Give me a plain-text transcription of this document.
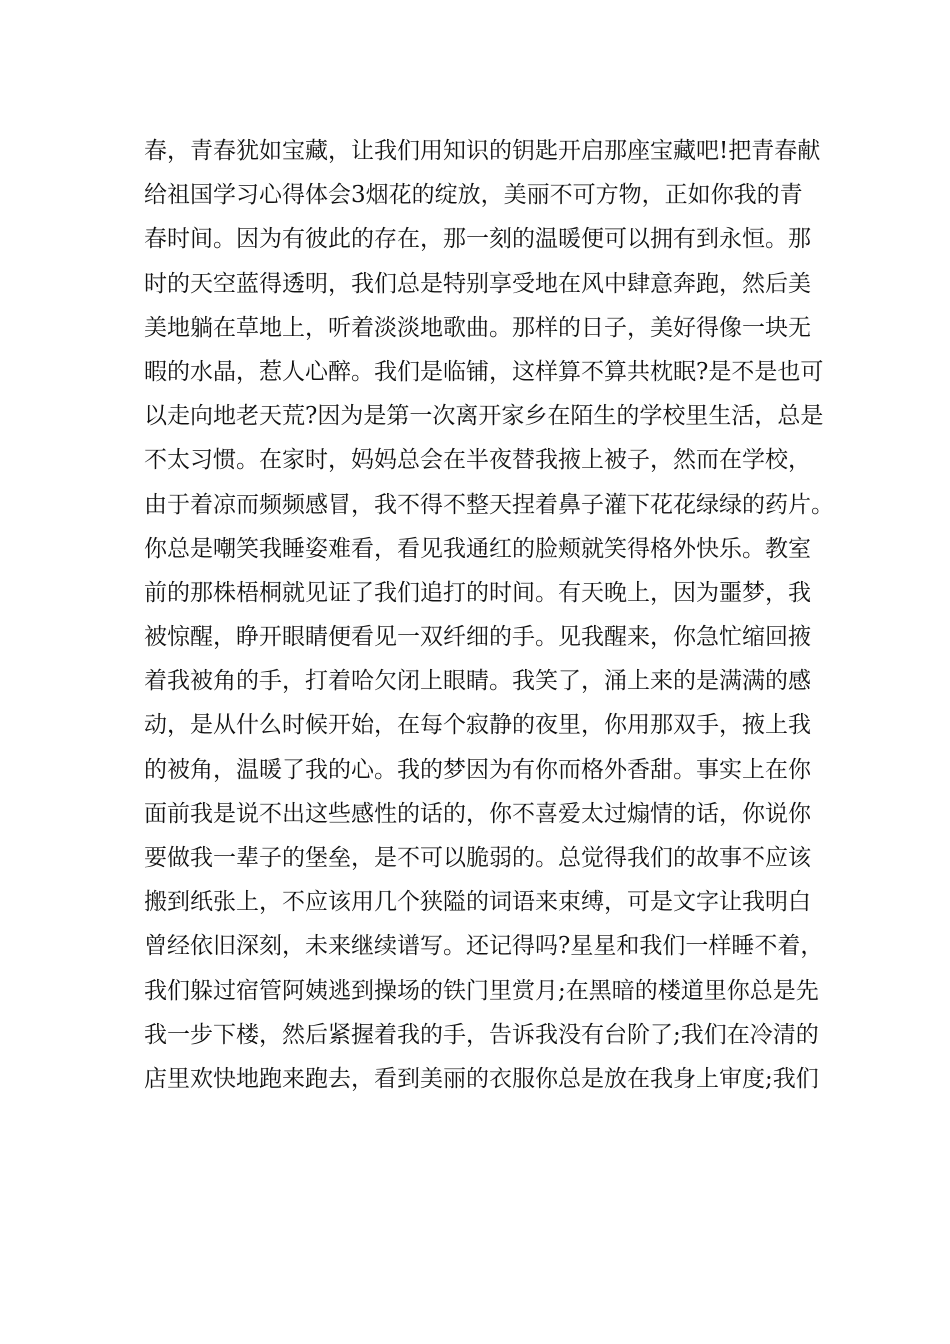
春，青春犹如宝藏，让我们用知识的钥匙开启那座宝藏吧!把青春献
给祖国学习心得体会3烟花的绽放，美丽不可方物，正如你我的青
春时间。因为有彼此的存在，那一刻的温暖便可以拥有到永恒。那
时的天空蓝得透明，我们总是特别享受地在风中肆意奔跑，然后美
美地躺在草地上，听着淡淡地歌曲。那样的日子，美好得像一块无
暇的水晶，惹人心醉。我们是临铺，这样算不算共枕眠?是不是也可
以走向地老天荒?因为是第一次离开家乡在陌生的学校里生活，总是
不太习惯。在家时，妈妈总会在半夜替我掖上被子，然而在学校，
由于着凉而频频感冒，我不得不整天捏着鼻子灌下花花绿绿的药片。
你总是嘲笑我睡姿难看，看见我通红的脸颊就笑得格外快乐。教室
前的那株梧桐就见证了我们追打的时间。有天晚上，因为噩梦，我
被惊醒，睁开眼睛便看见一双纤细的手。见我醒来，你急忙缩回掖
着我被角的手，打着哈欠闭上眼睛。我笑了，涌上来的是满满的感
动，是从什么时候开始，在每个寂静的夜里，你用那双手，掖上我
的被角，温暖了我的心。我的梦因为有你而格外香甜。事实上在你
面前我是说不出这些感性的话的，你不喜爱太过煽情的话，你说你
要做我一辈子的堡垒，是不可以脆弱的。总觉得我们的故事不应该
搬到纸张上，不应该用几个狭隘的词语来束缚，可是文字让我明白
曾经依旧深刻，未来继续谱写。还记得吗?星星和我们一样睡不着，
我们躲过宿管阿姨逃到操场的铁门里赏月;在黑暗的楼道里你总是先
我一步下楼，然后紧握着我的手，告诉我没有台阶了;我们在冷清的
店里欢快地跑来跑去，看到美丽的衣服你总是放在我身上审度;我们
